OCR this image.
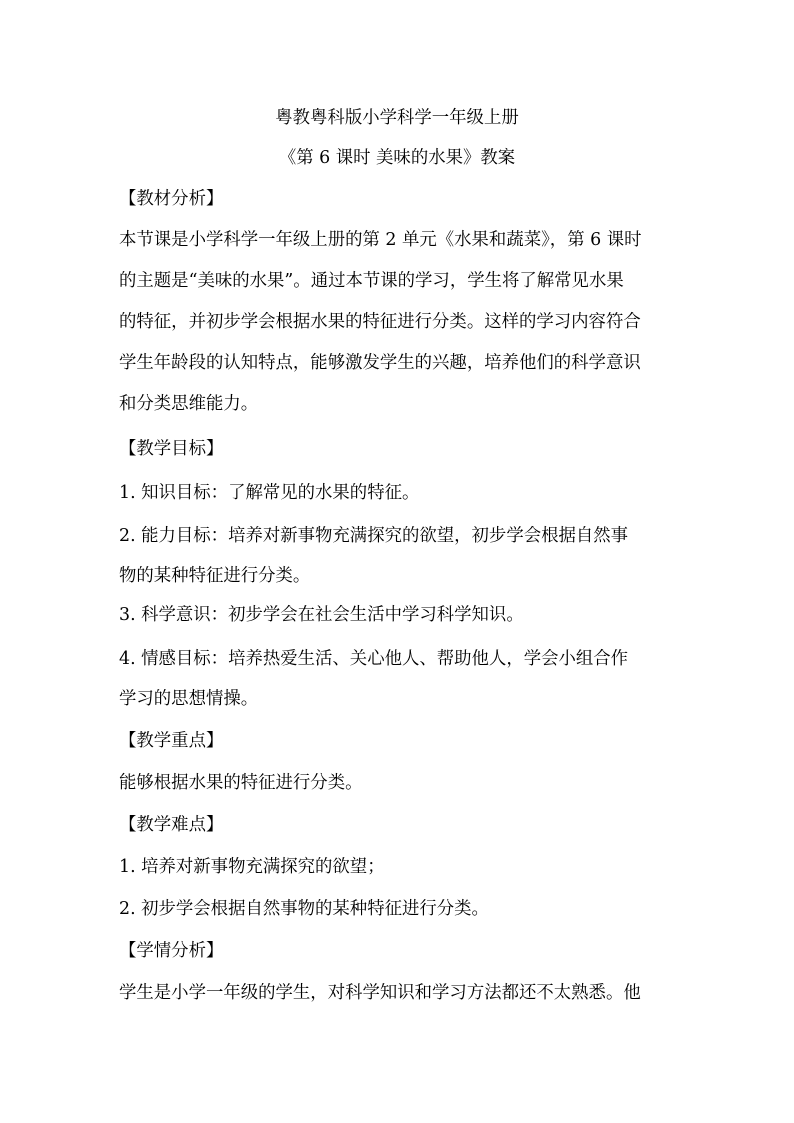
粤教粤科版小学科学一年级上册
《第 6 课时 美味的水果》教案
【教材分析】
本节课是小学科学一年级上册的第 2 单元《水果和蔬菜》，第 6 课时
的主题是“美味的水果”。通过本节课的学习，学生将了解常见水果
的特征，并初步学会根据水果的特征进行分类。这样的学习内容符合
学生年龄段的认知特点，能够激发学生的兴趣，培养他们的科学意识
和分类思维能力。
【教学目标】
1. 知识目标：了解常见的水果的特征。
2. 能力目标：培养对新事物充满探究的欲望，初步学会根据自然事
物的某种特征进行分类。
3. 科学意识：初步学会在社会生活中学习科学知识。
4. 情感目标：培养热爱生活、关心他人、帮助他人，学会小组合作
学习的思想情操。
【教学重点】
能够根据水果的特征进行分类。
【教学难点】
1. 培养对新事物充满探究的欲望；
2. 初步学会根据自然事物的某种特征进行分类。
【学情分析】
学生是小学一年级的学生，对科学知识和学习方法都还不太熟悉。他
